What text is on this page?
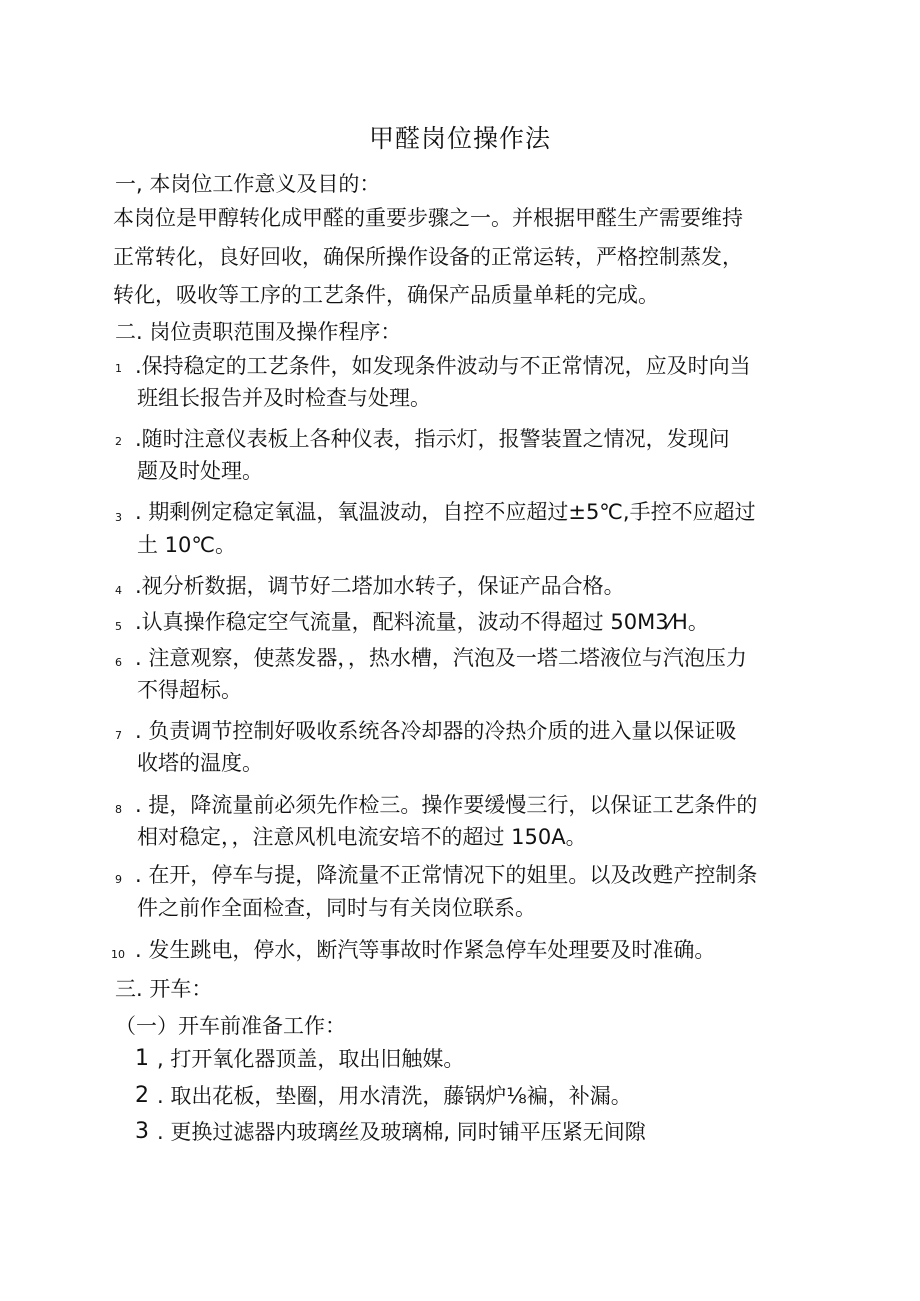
甲醛岗位操作法
一, 本岗位工作意义及目的：
本岗位是甲醇转化成甲醛的重要步骤之一。并根据甲醛生产需要维持
正常转化，良好回收，确保所操作设备的正常运转，严格控制蒸发，
转化，吸收等工序的工艺条件，确保产品质量单耗的完成。
二. 岗位责职范围及操作程序：
1 .保持稳定的工艺条件，如发现条件波动与不正常情况，应及时向当
班组长报告并及时检查与处理。
2 .随时注意仪表板上各种仪表，指示灯，报警装置之情况，发现问
题及时处理。
3 . 期剩例定稳定氧温，氧温波动，自控不应超过±5℃,手控不应超过
土 10℃。
4 .视分析数据，调节好二塔加水转子，保证产品合格。
5 .认真操作稳定空气流量，配料流量，波动不得超过 50M3⁄H。
6 . 注意观察，使蒸发器，，热水槽，汽泡及一塔二塔液位与汽泡压力
不得超标。
7 . 负责调节控制好吸收系统各冷却器的冷热介质的进入量以保证吸
收塔的温度。
8 . 提，降流量前必须先作检三。操作要缓慢三行，以保证工艺条件的
相对稳定，，注意风机电流安培不的超过 150A。
9 . 在开，停车与提，降流量不正常情况下的姐里。以及改甦产控制条
件之前作全面检查，同时与有关岗位联系。
10 . 发生跳电，停水，断汽等事故时作紧急停车处理要及时准确。
三. 开车：
（一）开车前准备工作：
1 , 打开氧化器顶盖，取出旧触媒。
2 . 取出花板，垫圈，用水清洗，藤锅炉⅛褊，补漏。
3 . 更换过滤器内玻璃丝及玻璃棉, 同时铺平压紧无间隙
